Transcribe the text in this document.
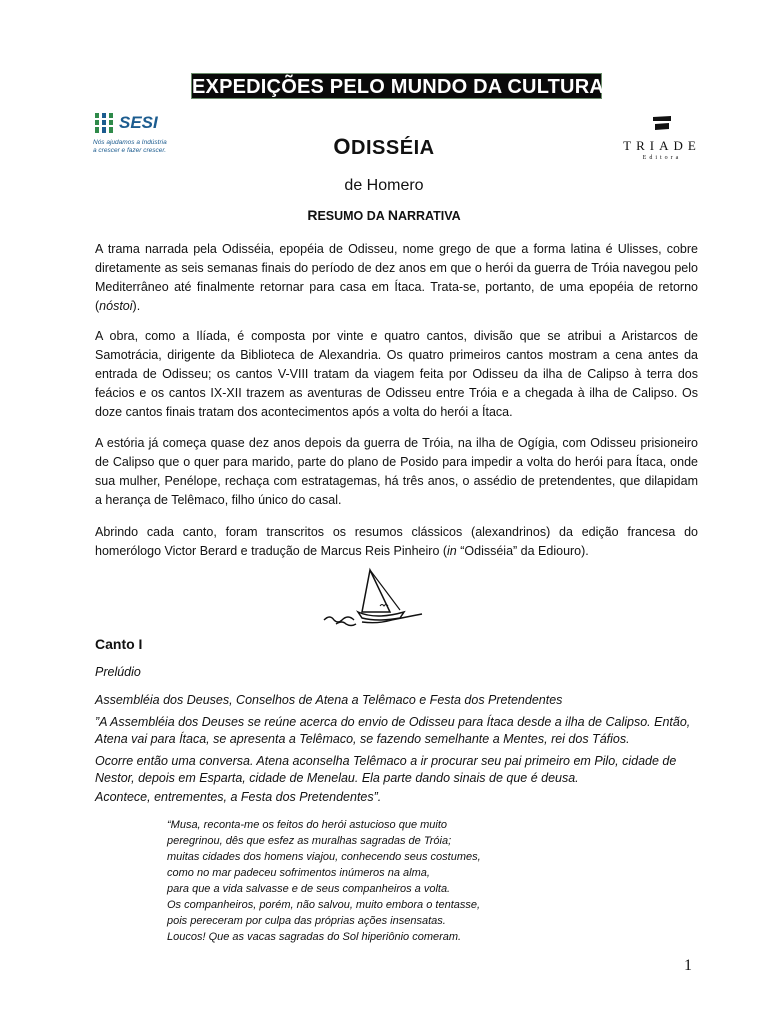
EXPEDIÇÕES PELO MUNDO DA CULTURA
SESI
Nós ajudamos a Indústria
a crescer e fazer crescer.	TRIADE
Editora
ODISSÉIA
de Homero
RESUMO DA NARRATIVA
A trama narrada pela Odisséia, epopéia de Odisseu, nome grego de que a forma latina é Ulisses, cobre diretamente as seis semanas finais do período de dez anos em que o herói da guerra de Tróia navegou pelo Mediterrâneo até finalmente retornar para casa em Ítaca. Trata-se, portanto, de uma epopéia de retorno (nóstoi).
A obra, como a Ilíada, é composta por vinte e quatro cantos, divisão que se atribui a Aristarcos de Samotrácia, dirigente da Biblioteca de Alexandria. Os quatro primeiros cantos mostram a cena antes da entrada de Odisseu; os cantos V-VIII tratam da viagem feita por Odisseu da ilha de Calipso à terra dos feácios e os cantos IX-XII trazem as aventuras de Odisseu entre Tróia e a chegada à ilha de Calipso. Os doze cantos finais tratam dos acontecimentos após a volta do herói a Ítaca.
A estória já começa quase dez anos depois da guerra de Tróia, na ilha de Ogígia, com Odisseu prisioneiro de Calipso que o quer para marido, parte do plano de Posido para impedir a volta do herói para Ítaca, onde sua mulher, Penélope, rechaça com estratagemas, há três anos, o assédio de pretendentes, que dilapidam a herança de Telêmaco, filho único do casal.
Abrindo cada canto, foram transcritos os resumos clássicos (alexandrinos) da edição francesa do homerólogo Victor Berard e tradução de Marcus Reis Pinheiro (in “Odisséia” da Ediouro).
Canto I
Prelúdio
Assembléia dos Deuses, Conselhos de Atena a Telêmaco e Festa dos Pretendentes
”A Assembléia dos Deuses se reúne acerca do envio de Odisseu para Ítaca desde a ilha de Calipso. Então, Atena vai para Ítaca, se apresenta a Telêmaco, se fazendo semelhante a Mentes, rei dos Táfios.
Ocorre então uma conversa. Atena aconselha Telêmaco a ir procurar seu pai primeiro em Pilo, cidade de Nestor, depois em Esparta, cidade de Menelau. Ela parte dando sinais de que é deusa.
Acontece, entrementes, a Festa dos Pretendentes”.
“Musa, reconta-me os feitos do herói astucioso que muito
peregrinou, dês que esfez as muralhas sagradas de Tróia;
muitas cidades dos homens viajou, conhecendo seus costumes,
como no mar padeceu sofrimentos inúmeros na alma,
para que a vida salvasse e de seus companheiros a volta.
Os companheiros, porém, não salvou, muito embora o tentasse,
pois pereceram por culpa das próprias ações insensatas.
Loucos! Que as vacas sagradas do Sol hiperiônio comeram.
1
